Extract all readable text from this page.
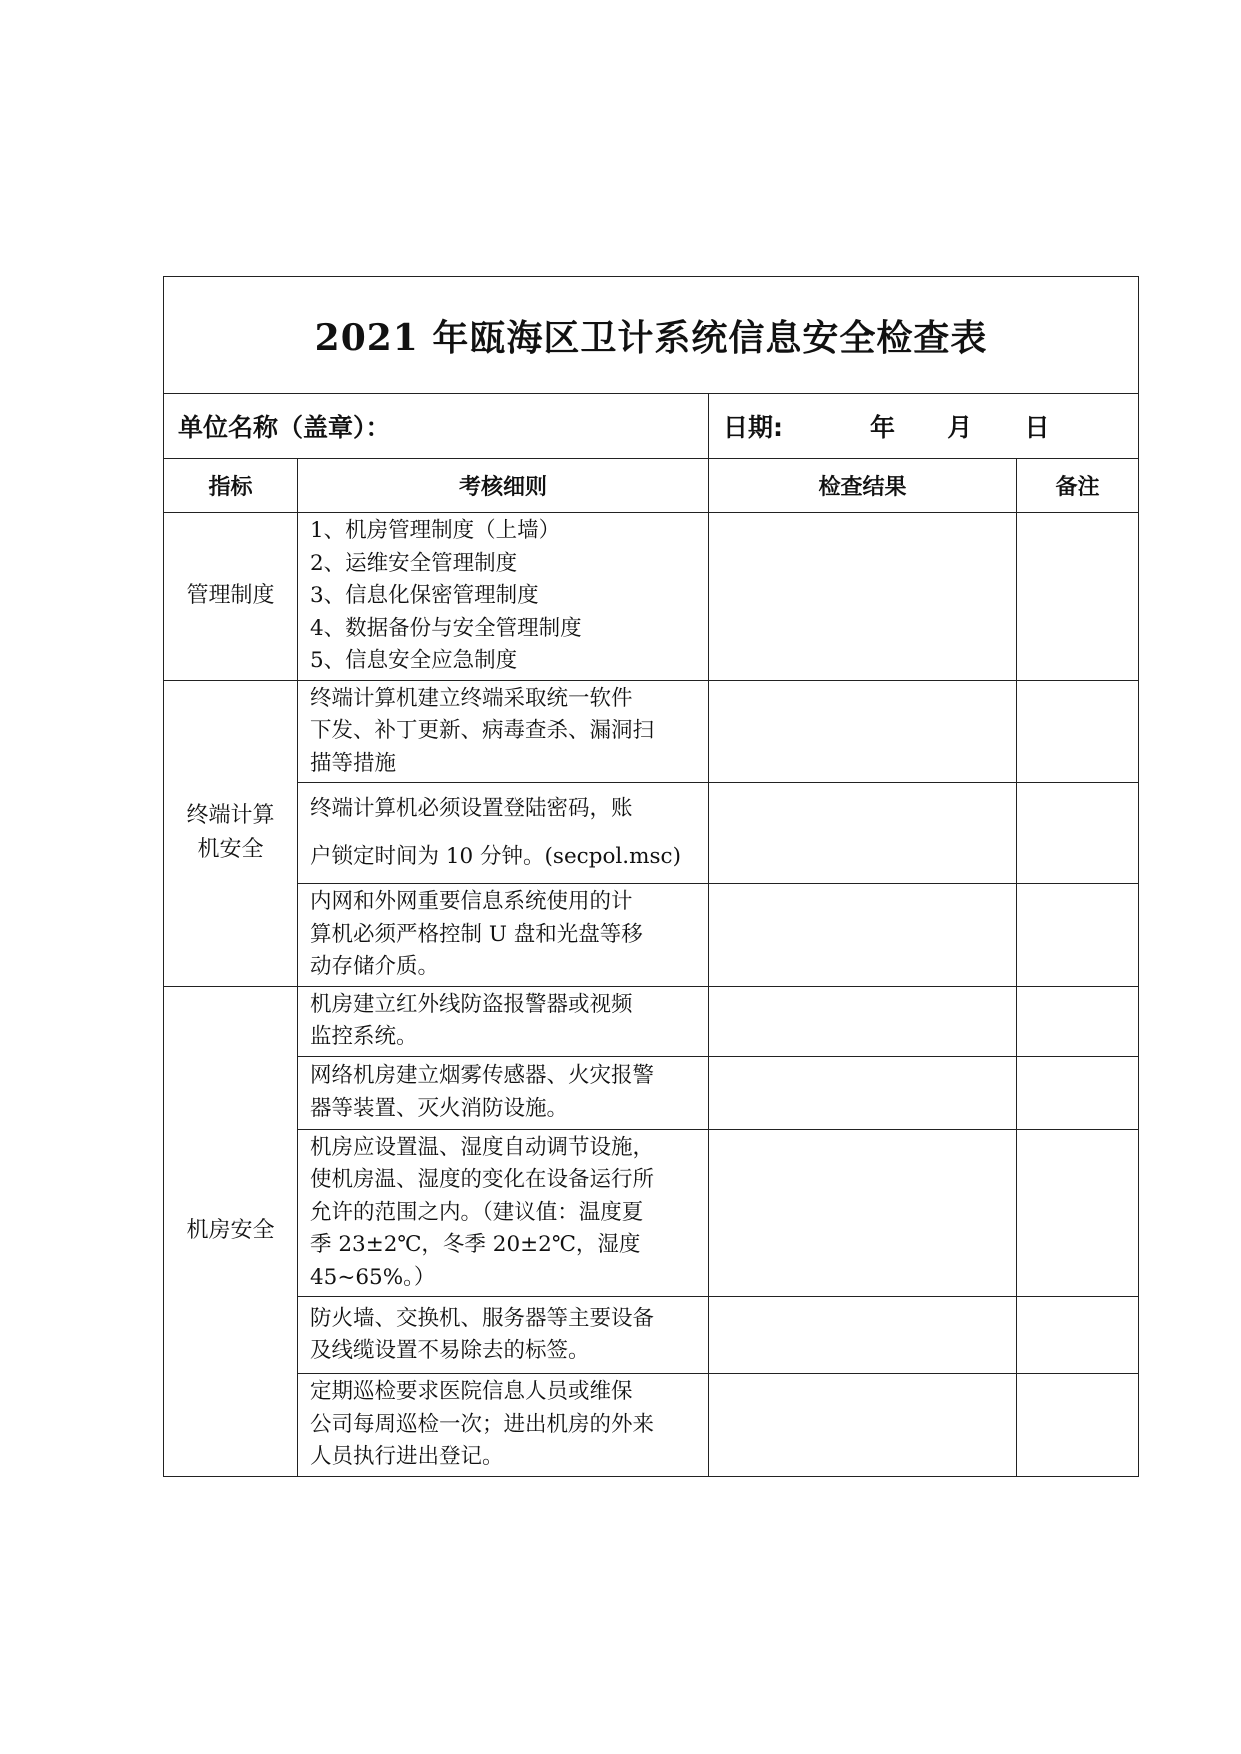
2021 年瓯海区卫计系统信息安全检查表			
单位名称（盖章）：		日期:          年      月      日	
指标	考核细则	检查结果	备注
管理制度	1、机房管理制度（上墙）
2、运维安全管理制度
3、信息化保密管理制度
4、数据备份与安全管理制度
5、信息安全应急制度		

终端计算
机安全	终端计算机建立终端采取统一软件
下发、补丁更新、病毒查杀、漏洞扫
描等措施		

	终端计算机必须设置登陆密码，账
户锁定时间为 10 分钟。(secpol.msc)		

	内网和外网重要信息系统使用的计
算机必须严格控制 U 盘和光盘等移
动存储介质。		

机房安全	机房建立红外线防盗报警器或视频
监控系统。		

	网络机房建立烟雾传感器、火灾报警
器等装置、灭火消防设施。		

	机房应设置温、湿度自动调节设施，
使机房温、湿度的变化在设备运行所
允许的范围之内。（建议值：温度夏
季 23±2℃，冬季 20±2℃，湿度
45~65%。）		

	防火墙、交换机、服务器等主要设备
及线缆设置不易除去的标签。		

	定期巡检要求医院信息人员或维保
公司每周巡检一次；进出机房的外来
人员执行进出登记。		
